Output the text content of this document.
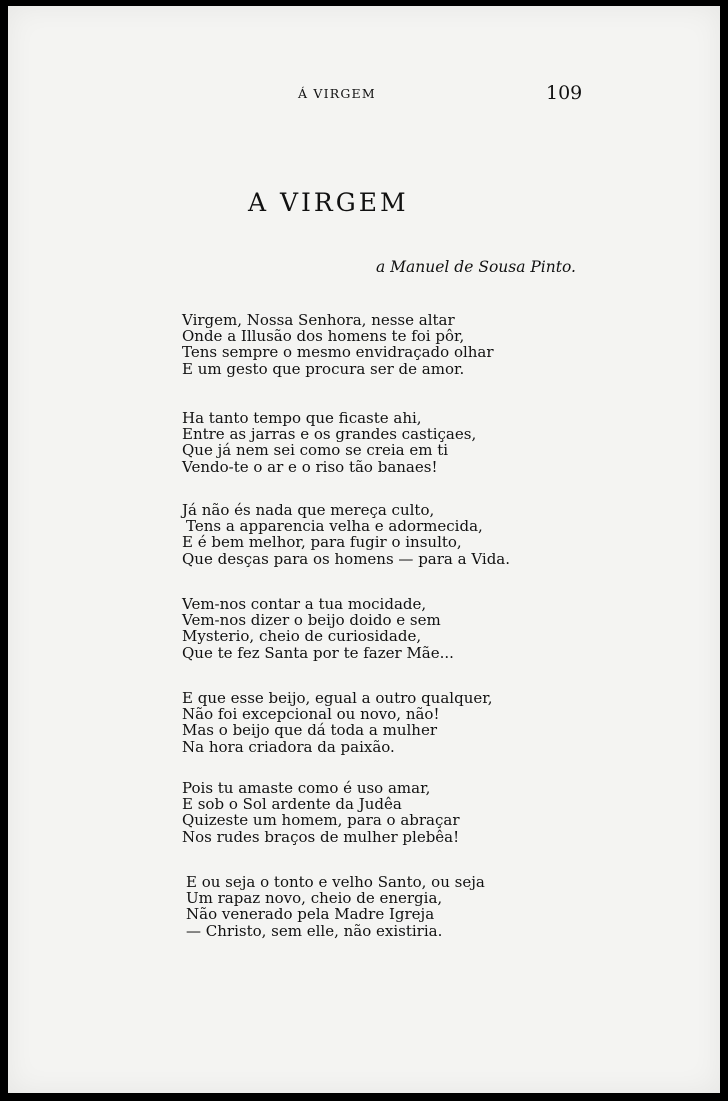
Á VIRGEM	109
A VIRGEM
a Manuel de Sousa Pinto.

Virgem, Nossa Senhora, nesse altar
Onde a Illusão dos homens te foi pôr,
Tens sempre o mesmo envidraçado olhar
E um gesto que procura ser de amor.

Ha tanto tempo que ficaste ahi,
Entre as jarras e os grandes castiçaes,
Que já nem sei como se creia em ti
Vendo-te o ar e o riso tão banaes!

Já não és nada que mereça culto,
Tens a apparencia velha e adormecida,
E é bem melhor, para fugir o insulto,
Que desças para os homens — para a Vida.

Vem-nos contar a tua mocidade,
Vem-nos dizer o beijo doido e sem
Mysterio, cheio de curiosidade,
Que te fez Santa por te fazer Mãe...

E que esse beijo, egual a outro qualquer,
Não foi excepcional ou novo, não!
Mas o beijo que dá toda a mulher
Na hora criadora da paixão.

Pois tu amaste como é uso amar,
E sob o Sol ardente da Judêa
Quizeste um homem, para o abraçar
Nos rudes braços de mulher plebêa!

E ou seja o tonto e velho Santo, ou seja
Um rapaz novo, cheio de energia,
Não venerado pela Madre Igreja
— Christo, sem elle, não existiria.
